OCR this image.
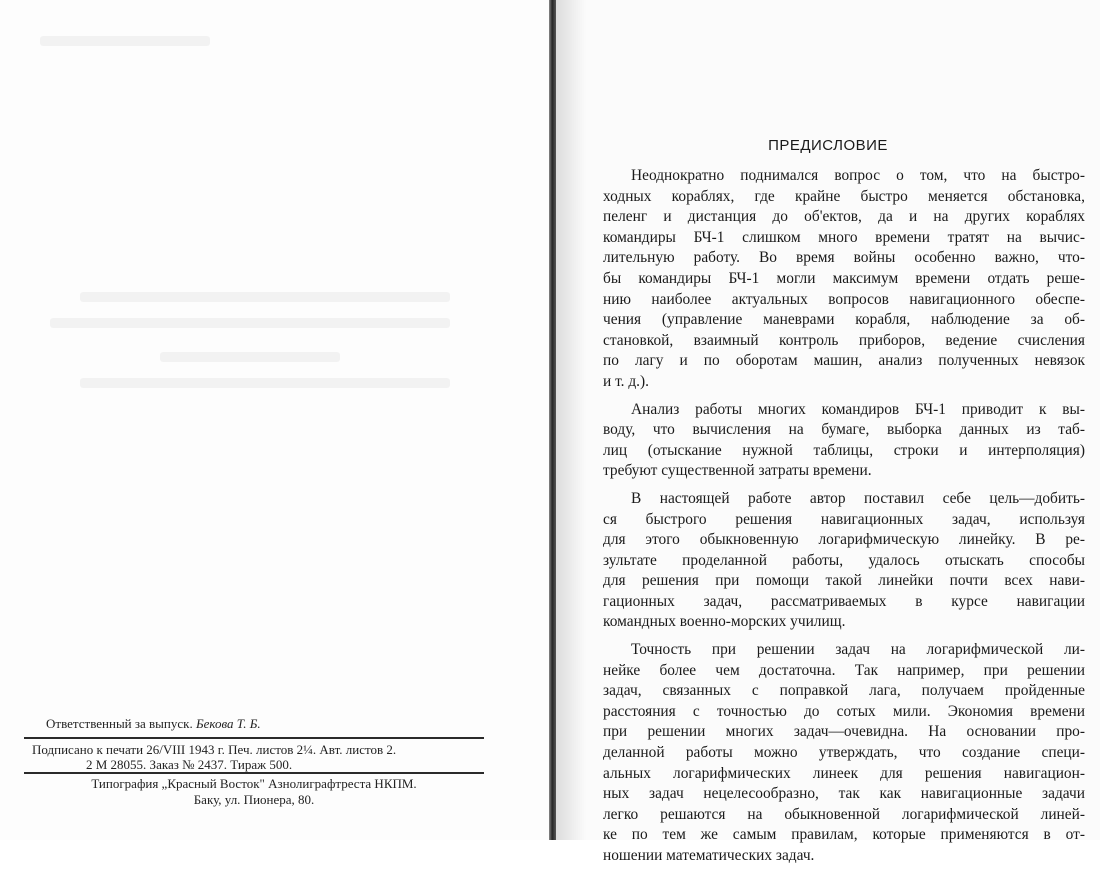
Ответственный за выпуск. Бекова Т. Б.
Подписано к печати 26/VIII 1943 г. Печ. листов 2¼. Авт. листов 2.
2 М 28055. Заказ № 2437. Тираж 500.
Типография „Красный Восток" Азнолиграфтреста НКПМ.
Баку, ул. Пионера, 80.
ПРЕДИСЛОВИЕ
Неоднократно поднимался вопрос о том, что на быстро-
ходных кораблях, где крайне быстро меняется обстановка,
пеленг и дистанция до об'ектов, да и на других кораблях
командиры БЧ-1 слишком много времени тратят на вычис-
лительную работу. Во время войны особенно важно, что-
бы командиры БЧ-1 могли максимум времени отдать реше-
нию наиболее актуальных вопросов навигационного обеспе-
чения (управление маневрами корабля, наблюдение за об-
становкой, взаимный контроль приборов, ведение счисления
по лагу и по оборотам машин, анализ полученных невязок
и т. д.).
Анализ работы многих командиров БЧ-1 приводит к вы-
воду, что вычисления на бумаге, выборка данных из таб-
лиц (отыскание нужной таблицы, строки и интерполяция)
требуют существенной затраты времени.
В настоящей работе автор поставил себе цель—добить-
ся быстрого решения навигационных задач, используя
для этого обыкновенную логарифмическую линейку. В ре-
зультате проделанной работы, удалось отыскать способы
для решения при помощи такой линейки почти всех нави-
гационных задач, рассматриваемых в курсе навигации
командных военно-морских училищ.
Точность при решении задач на логарифмической ли-
нейке более чем достаточна. Так например, при решении
задач, связанных с поправкой лага, получаем пройденные
расстояния с точностью до сотых мили. Экономия времени
при решении многих задач—очевидна. На основании про-
деланной работы можно утверждать, что создание специ-
альных логарифмических линеек для решения навигацион-
ных задач нецелесообразно, так как навигационные задачи
легко решаются на обыкновенной логарифмической линей-
ке по тем же самым правилам, которые применяются в от-
ношении математических задач.
